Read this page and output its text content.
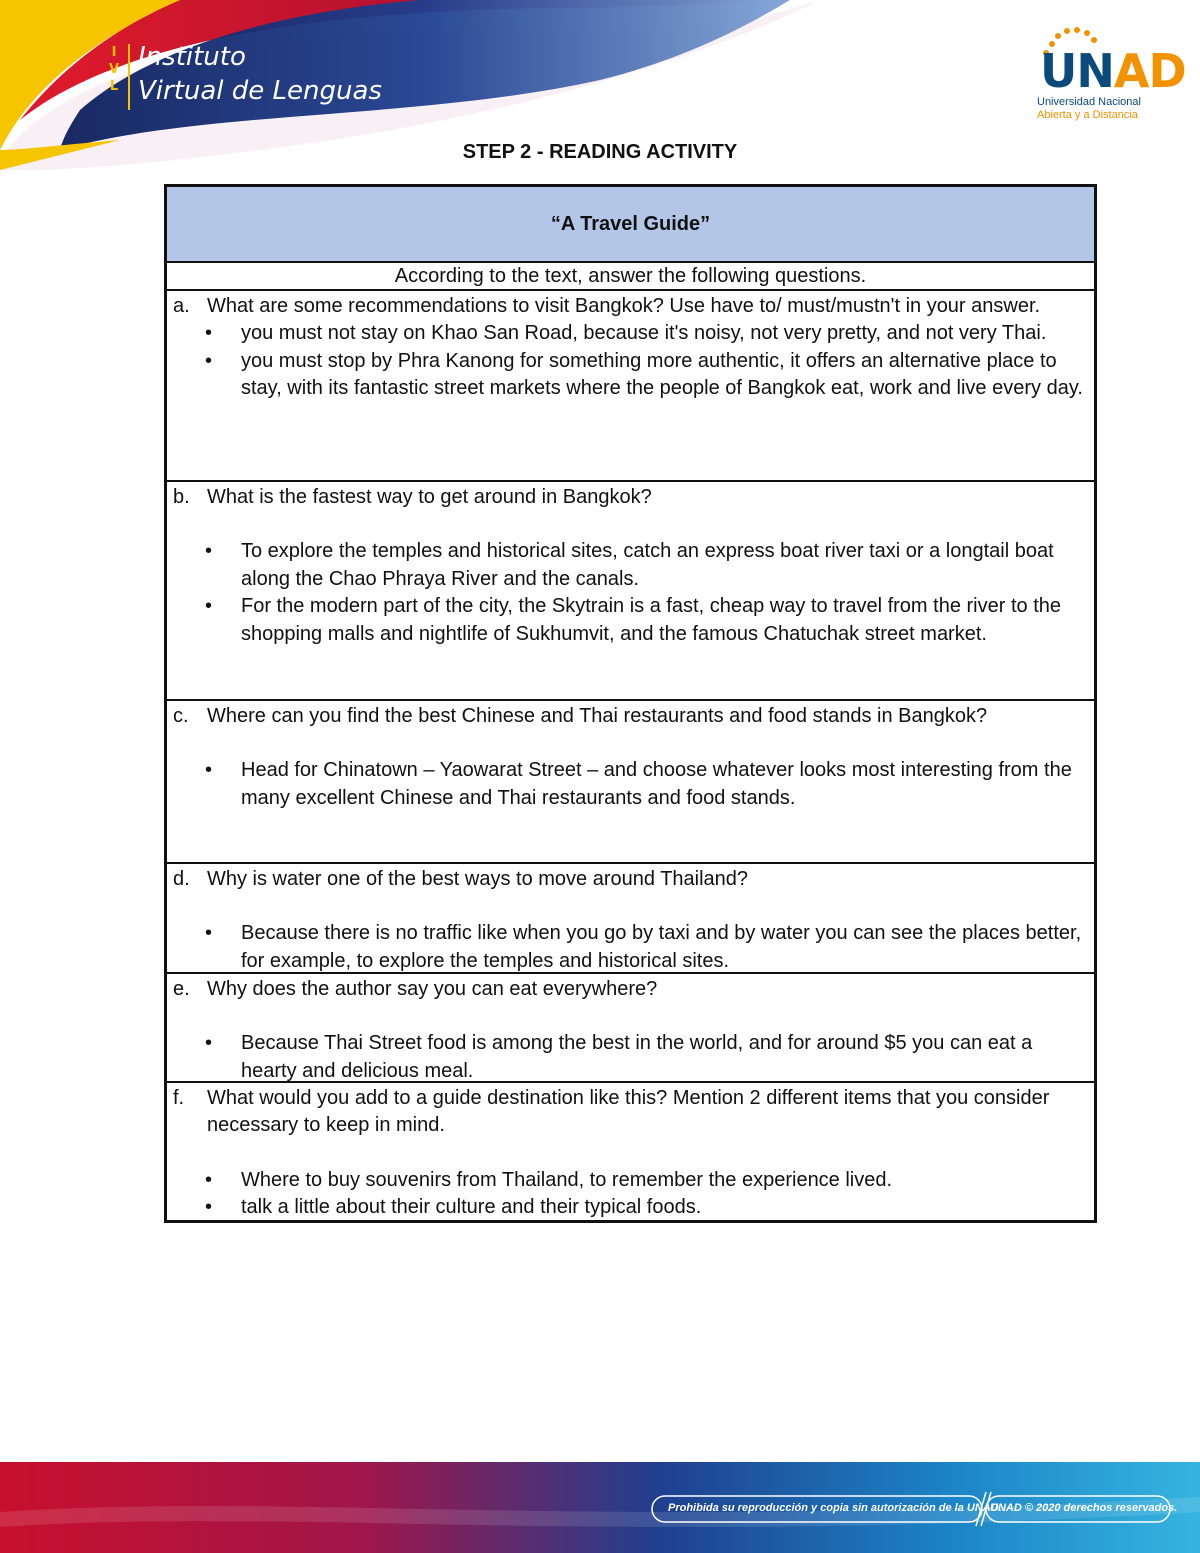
I
V
L
Instituto
Virtual de Lenguas	UNAD
Universidad Nacional
Abierta y a Distancia
STEP 2 - READING ACTIVITY
“A Travel Guide”
According to the text, answer the following questions.
a. What are some recommendations to visit Bangkok? Use have to/ must/mustn't in your answer.
• you must not stay on Khao San Road, because it's noisy, not very pretty, and not very Thai.
• you must stop by Phra Kanong for something more authentic, it offers an alternative place to stay, with its fantastic street markets where the people of Bangkok eat, work and live every day.
b. What is the fastest way to get around in Bangkok?
• To explore the temples and historical sites, catch an express boat river taxi or a longtail boat along the Chao Phraya River and the canals.
• For the modern part of the city, the Skytrain is a fast, cheap way to travel from the river to the shopping malls and nightlife of Sukhumvit, and the famous Chatuchak street market.
c. Where can you find the best Chinese and Thai restaurants and food stands in Bangkok?
• Head for Chinatown – Yaowarat Street – and choose whatever looks most interesting from the many excellent Chinese and Thai restaurants and food stands.
d. Why is water one of the best ways to move around Thailand?
• Because there is no traffic like when you go by taxi and by water you can see the places better, for example, to explore the temples and historical sites.
e. Why does the author say you can eat everywhere?
• Because Thai Street food is among the best in the world, and for around $5 you can eat a hearty and delicious meal.
f.	What would you add to a guide destination like this? Mention 2 different items that you consider necessary to keep in mind.
• Where to buy souvenirs from Thailand, to remember the experience lived.
• talk a little about their culture and their typical foods.
Prohibida su reproducción y copia sin autorización de la UNAD.
UNAD © 2020 derechos reservados.
